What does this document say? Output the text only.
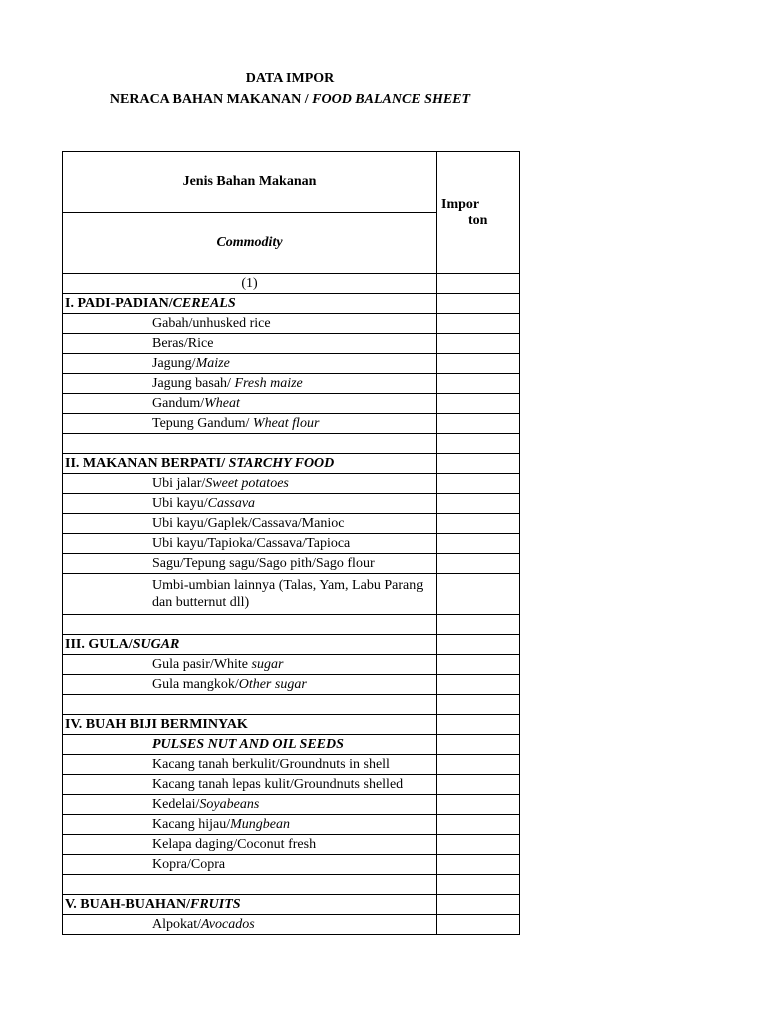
DATA IMPOR
NERACA BAHAN MAKANAN / FOOD BALANCE SHEET
Jenis Bahan Makanan	Impor
ton

Commodity	
(1)	
I. PADI-PADIAN/CEREALS	
Gabah/unhusked rice	
Beras/Rice	
Jagung/Maize	
Jagung basah/ Fresh maize	
Gandum/Wheat	
Tepung Gandum/ Wheat flour	

II. MAKANAN BERPATI/ STARCHY FOOD	
Ubi jalar/Sweet potatoes	
Ubi kayu/Cassava	
Ubi kayu/Gaplek/Cassava/Manioc	
Ubi kayu/Tapioka/Cassava/Tapioca	
Sagu/Tepung sagu/Sago pith/Sago flour	
Umbi-umbian lainnya (Talas, Yam, Labu Parang dan butternut dll)	

III. GULA/SUGAR	
Gula pasir/White sugar	
Gula mangkok/Other sugar	

IV. BUAH BIJI BERMINYAK	
PULSES NUT AND OIL SEEDS	
Kacang tanah berkulit/Groundnuts in shell	
Kacang tanah lepas kulit/Groundnuts shelled	
Kedelai/Soyabeans	
Kacang hijau/Mungbean	
Kelapa daging/Coconut fresh	
Kopra/Copra	

V. BUAH-BUAHAN/FRUITS	
Alpokat/Avocados	
